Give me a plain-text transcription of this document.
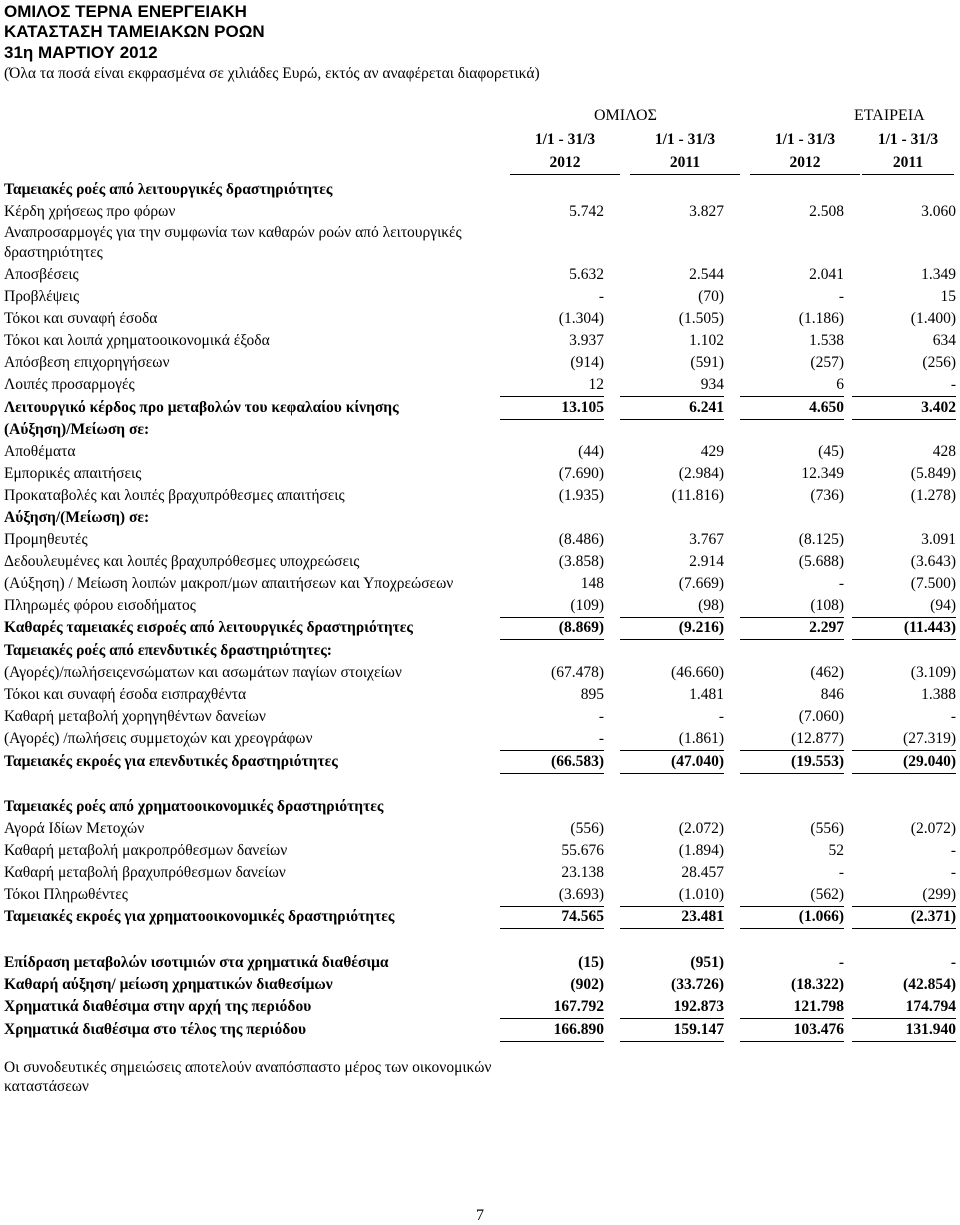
ΟΜΙΛΟΣ ΤΕΡΝΑ ΕΝΕΡΓΕΙΑΚΗ
ΚΑΤΑΣΤΑΣΗ ΤΑΜΕΙΑΚΩΝ ΡΟΩΝ
31η ΜΑΡΤΙΟΥ 2012
(Όλα τα ποσά είναι εκφρασμένα σε χιλιάδες Ευρώ, εκτός αν αναφέρεται διαφορετικά)
ΟΜΙΛΟΣ	ΕΤΑΙΡΕΙΑ
1/1 - 31/3	1/1 - 31/3	1/1 - 31/3	1/1 - 31/3
2012	2011	2012	2011
Ταμειακές ροές από λειτουργικές δραστηριότητες
Κέρδη χρήσεως προ φόρων	5.742	3.827	2.508	3.060
Αναπροσαρμογές για την συμφωνία των καθαρών ροών από λειτουργικές
δραστηριότητες
Αποσβέσεις	5.632	2.544	2.041	1.349
Προβλέψεις	-	(70)	-	15
Τόκοι και συναφή έσοδα	(1.304)	(1.505)	(1.186)	(1.400)
Τόκοι και λοιπά χρηματοοικονομικά έξοδα	3.937	1.102	1.538	634
Απόσβεση επιχορηγήσεων	(914)	(591)	(257)	(256)
Λοιπές προσαρμογές	12	934	6	-
Λειτουργικό κέρδος προ μεταβολών του κεφαλαίου κίνησης	13.105	6.241	4.650	3.402
(Αύξηση)/Μείωση σε:
Αποθέματα	(44)	429	(45)	428
Εμπορικές απαιτήσεις	(7.690)	(2.984)	12.349	(5.849)
Προκαταβολές και λοιπές βραχυπρόθεσμες απαιτήσεις	(1.935)	(11.816)	(736)	(1.278)
Αύξηση/(Μείωση) σε:
Προμηθευτές	(8.486)	3.767	(8.125)	3.091
Δεδουλευμένες και λοιπές βραχυπρόθεσμες υποχρεώσεις	(3.858)	2.914	(5.688)	(3.643)
(Αύξηση) / Μείωση λοιπών μακροπ/μων απαιτήσεων και Υποχρεώσεων	148	(7.669)	-	(7.500)
Πληρωμές φόρου εισοδήματος	(109)	(98)	(108)	(94)
Καθαρές ταμειακές εισροές από λειτουργικές δραστηριότητες	(8.869)	(9.216)	2.297	(11.443)
Ταμειακές ροές από επενδυτικές δραστηριότητες:
(Αγορές)/πωλήσειςενσώματων και ασωμάτων παγίων στοιχείων	(67.478)	(46.660)	(462)	(3.109)
Τόκοι και συναφή έσοδα εισπραχθέντα	895	1.481	846	1.388
Καθαρή μεταβολή χορηγηθέντων δανείων	-	-	(7.060)	-
(Αγορές) /πωλήσεις συμμετοχών και χρεογράφων	-	(1.861)	(12.877)	(27.319)
Ταμειακές εκροές για επενδυτικές δραστηριότητες	(66.583)	(47.040)	(19.553)	(29.040)
Ταμειακές ροές από χρηματοοικονομικές δραστηριότητες
Αγορά Ιδίων Μετοχών	(556)	(2.072)	(556)	(2.072)
Καθαρή μεταβολή μακροπρόθεσμων δανείων	55.676	(1.894)	52	-
Καθαρή μεταβολή βραχυπρόθεσμων δανείων	23.138	28.457	-	-
Τόκοι Πληρωθέντες	(3.693)	(1.010)	(562)	(299)
Ταμειακές εκροές για χρηματοοικονομικές δραστηριότητες	74.565	23.481	(1.066)	(2.371)
Επίδραση μεταβολών ισοτιμιών στα χρηματικά διαθέσιμα	(15)	(951)	-	-
Καθαρή αύξηση/ μείωση χρηματικών διαθεσίμων	(902)	(33.726)	(18.322)	(42.854)
Χρηματικά διαθέσιμα στην αρχή της περιόδου	167.792	192.873	121.798	174.794
Χρηματικά διαθέσιμα στο τέλος της περιόδου	166.890	159.147	103.476	131.940
Οι συνοδευτικές σημειώσεις αποτελούν αναπόσπαστο μέρος των οικονομικών καταστάσεων
7
